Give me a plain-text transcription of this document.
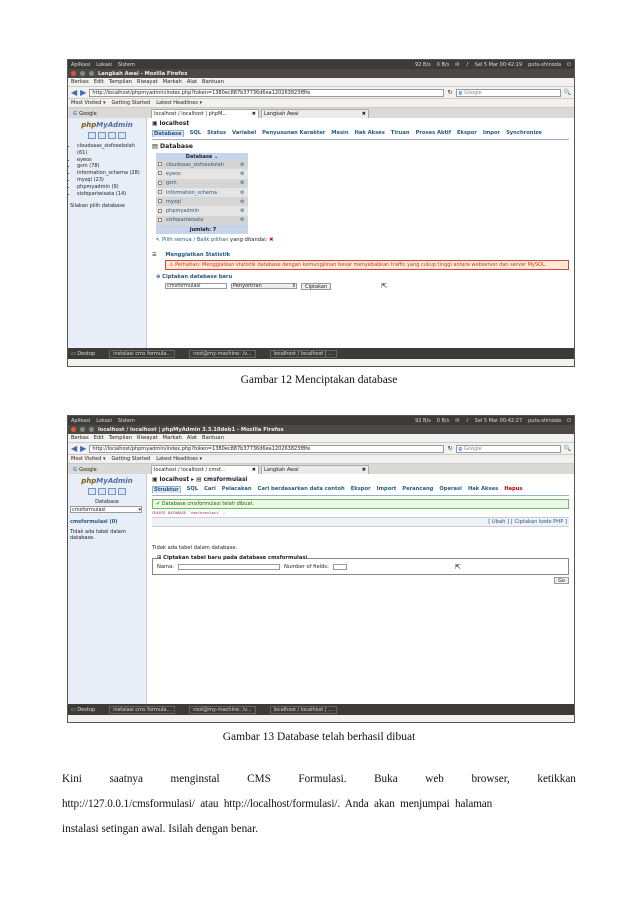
Aplikasi Lokasi Sistem	92 B/s 0 B/s ✉ ♪ Sel 5 Mar 00:42:19 putu-shinoda ⏻
Langkah Awal - Mozilla Firefox
Berkas Edit Tampilan Riwayat Markah Alat Bantuan
◀ ▶ http://localhost/phpmyadmin/index.php?token=1380ec887b37736d6ea120263823f8fe	↻ g Google	🔍
Most Visited ▾ Getting Started Latest Headlines ▾
G Google	localhost / localhost | phpM...	✖ Langkah Awal	✖
phpMyAdmin
• cloudsaas_sisfosekolah (61)
• eyeos
• gsm (78)
• information_schema (28)
• mysql (23)
• phpmyadmin (9)
• sisfopariwisata (14)
Silakan pilih database
▣ localhost
Database	SQL Status Variabel Penyusunan Karakter Mesin Hak Akses Tiruan Proses Aktif Ekspor Impor Synchronize
▤ Database
Database ⌄		
	cloudsaas_sisfosekolah	⚙
	eyeos	⚙
	gsm	⚙
	information_schema	⚙
	mysql	⚙
	phpmyadmin	⚙
	sisfopariwisata	⚙
Jumlah: 7		
↖ Pilih semua / Balik pilihan yang ditandai: ✖
☰ Menggiatkan Statistik
⚠ Perhatian: Menggiatkan statistik database dengan kemungkinan besar menyebabkan traffic yang cukup tinggi antara webserver dan server MySQL.
⊕ Ciptakan database baru
cmsformulasi	Penyortiran	⇕	Ciptakan	⇱
▭ Destop	instalasi cms formula...	root@my-machine: /v...	localhost / localhost | ...
Gambar 12 Menciptakan database
Aplikasi Lokasi Sistem	92 B/s 0 B/s ✉ ♪ Sel 5 Mar 00:42:27 putu-shinoda ⏻
localhost / localhost | phpMyAdmin 3.3.10deb1 - Mozilla Firefox
Berkas Edit Tampilan Riwayat Markah Alat Bantuan
◀ ▶ http://localhost/phpmyadmin/index.php?token=1380ec887b37736d6ea120263823f8fe	↻ g Google	🔍
Most Visited ▾ Getting Started Latest Headlines ▾
G Google	localhost / localhost / cmsf...	✖ Langkah Awal	✖
phpMyAdmin
Database
cmsformulasi	▾
cmsformulasi (0)
Tidak ada tabel dalam database.
▣ localhost ▸ ▤ cmsformulasi
Struktur	SQL Cari Pelacakan Cari berdasarkan data contoh Ekspor Import Perancang Operasi Hak Akses Hapus
✔ Database cmsformulasi telah dibuat.
CREATE DATABASE `cmsformulasi` ;
[ Ubah ] [ Ciptakan kode PHP ]
Tidak ada tabel dalam database.
⊞ Ciptakan tabel baru pada database cmsformulasi
Nama:	Number of fields:	⇱
Go
▭ Destop	instalasi cms formula...	root@my-machine: /v...	localhost / localhost | ...
Gambar 13 Database telah berhasil dibuat
Kini saatnya menginstal CMS Formulasi. Buka web browser, ketikkan
http://127.0.0.1/cmsformulasi/  atau  http://localhost/formulasi/.  Anda  akan  menjumpai  halaman
instalasi setingan awal. Isilah dengan benar.
